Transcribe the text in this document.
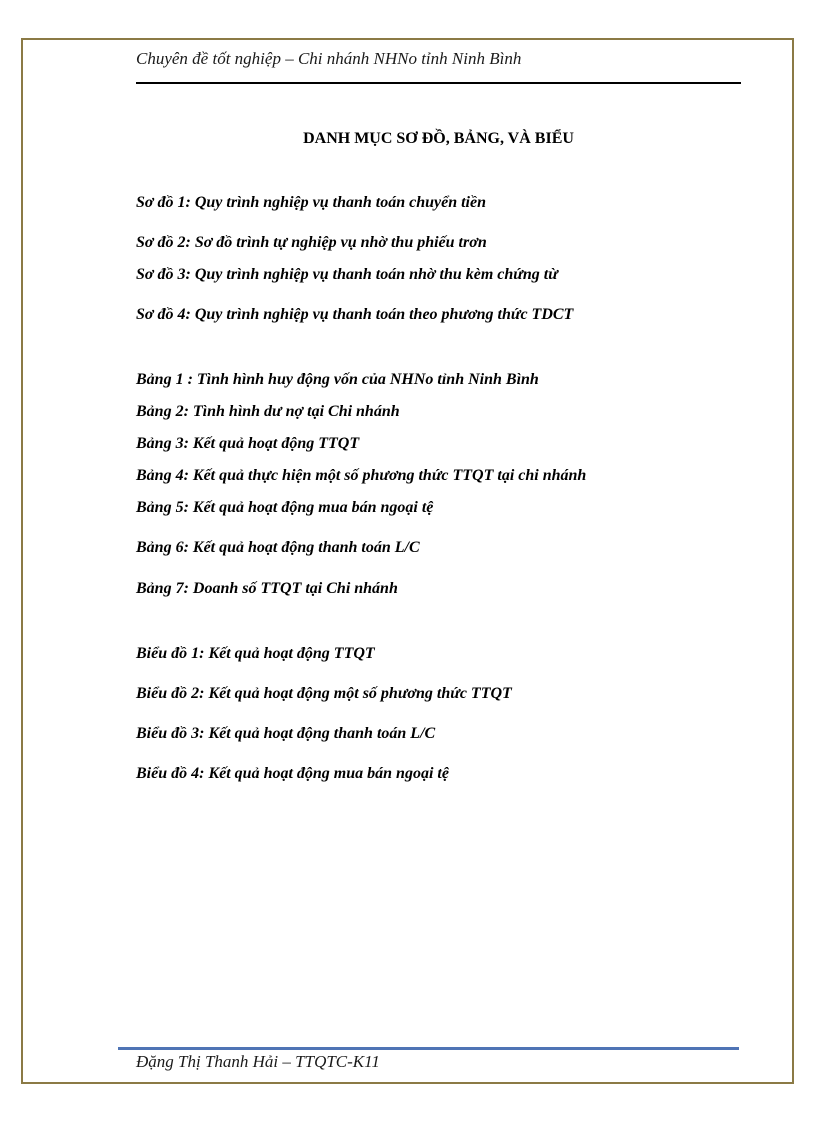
Chuyên đề tốt nghiệp – Chi nhánh NHNo tỉnh Ninh Bình
DANH MỤC SƠ ĐỒ, BẢNG, VÀ BIỂU
Sơ đồ 1: Quy trình nghiệp vụ thanh toán chuyển tiền
Sơ đồ 2: Sơ đồ trình tự nghiệp vụ nhờ thu phiếu trơn
Sơ đồ 3: Quy trình nghiệp vụ thanh toán nhờ thu kèm chứng từ
Sơ đồ 4: Quy trình nghiệp vụ thanh toán theo phương thức TDCT
Bảng 1 : Tình hình huy động vốn của NHNo tỉnh Ninh Bình
Bảng 2: Tình hình dư nợ tại Chi nhánh
Bảng 3: Kết quả hoạt động TTQT
Bảng 4: Kết quả thực hiện một số phương thức TTQT tại chi nhánh
Bảng 5: Kết quả hoạt động mua bán ngoại tệ
Bảng 6: Kết quả hoạt động thanh toán L/C
Bảng 7: Doanh số TTQT tại Chi nhánh
Biểu đồ 1: Kết quả hoạt động TTQT
Biểu đồ 2: Kết quả hoạt động một số phương thức TTQT
Biểu đồ 3: Kết quả hoạt động thanh toán L/C
Biểu đồ 4: Kết quả hoạt động mua bán ngoại tệ
Đặng Thị Thanh Hải – TTQTC-K11
